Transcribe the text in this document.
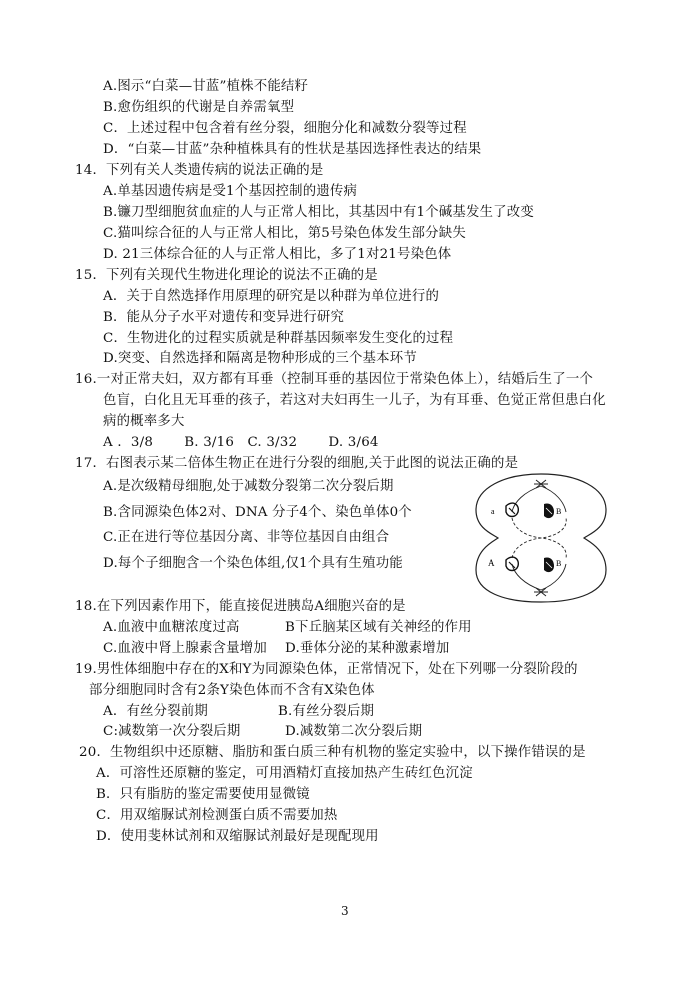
A.图示“白菜—甘蓝”植株不能结籽
B.愈伤组织的代谢是自养需氧型
C．上述过程中包含着有丝分裂，细胞分化和减数分裂等过程
D．“白菜—甘蓝”杂种植株具有的性状是基因选择性表达的结果
14．下列有关人类遗传病的说法正确的是
A.单基因遗传病是受1个基因控制的遗传病
B.镰刀型细胞贫血症的人与正常人相比，其基因中有1个碱基发生了改变
C.猫叫综合征的人与正常人相比，第5号染色体发生部分缺失
D. 21三体综合征的人与正常人相比，多了1对21号染色体
15．下列有关现代生物进化理论的说法不正确的是
A．关于自然选择作用原理的研究是以种群为单位进行的
B．能从分子水平对遗传和变异进行研究
C．生物进化的过程实质就是种群基因频率发生变化的过程
D.突变、自然选择和隔离是物种形成的三个基本环节
16.一对正常夫妇，双方都有耳垂（控制耳垂的基因位于常染色体上），结婚后生了一个
色盲，白化且无耳垂的孩子，若这对夫妇再生一儿子，为有耳垂、色觉正常但患白化
病的概率多大
A ．3/8       B. 3/16   C. 3/32       D. 3/64
17．右图表示某二倍体生物正在进行分裂的细胞,关于此图的说法正确的是
A.是次级精母细胞,处于减数分裂第二次分裂后期
B.含同源染色体2对、DNA 分子4个、染色单体0个
C.正在进行等位基因分离、非等位基因自由组合
D.每个子细胞含一个染色体组,仅1个具有生殖功能
a	B
A	B
18.在下列因素作用下，能直接促进胰岛A细胞兴奋的是
A.血液中血糖浓度过高	B下丘脑某区域有关神经的作用
C.血液中肾上腺素含量增加 D.垂体分泌的某种激素增加
19.男性体细胞中存在的X和Y为同源染色体，正常情况下，处在下列哪一分裂阶段的
部分细胞同时含有2条Y染色体而不含有X染色体
A．有丝分裂前期	B.有丝分裂后期
C:减数第一次分裂后期	D.减数第二次分裂后期
20．生物组织中还原糖、脂肪和蛋白质三种有机物的鉴定实验中，以下操作错误的是
A．可溶性还原糖的鉴定，可用酒精灯直接加热产生砖红色沉淀
B．只有脂肪的鉴定需要使用显微镜
C．用双缩脲试剂检测蛋白质不需要加热
D．使用斐林试剂和双缩脲试剂最好是现配现用
3
